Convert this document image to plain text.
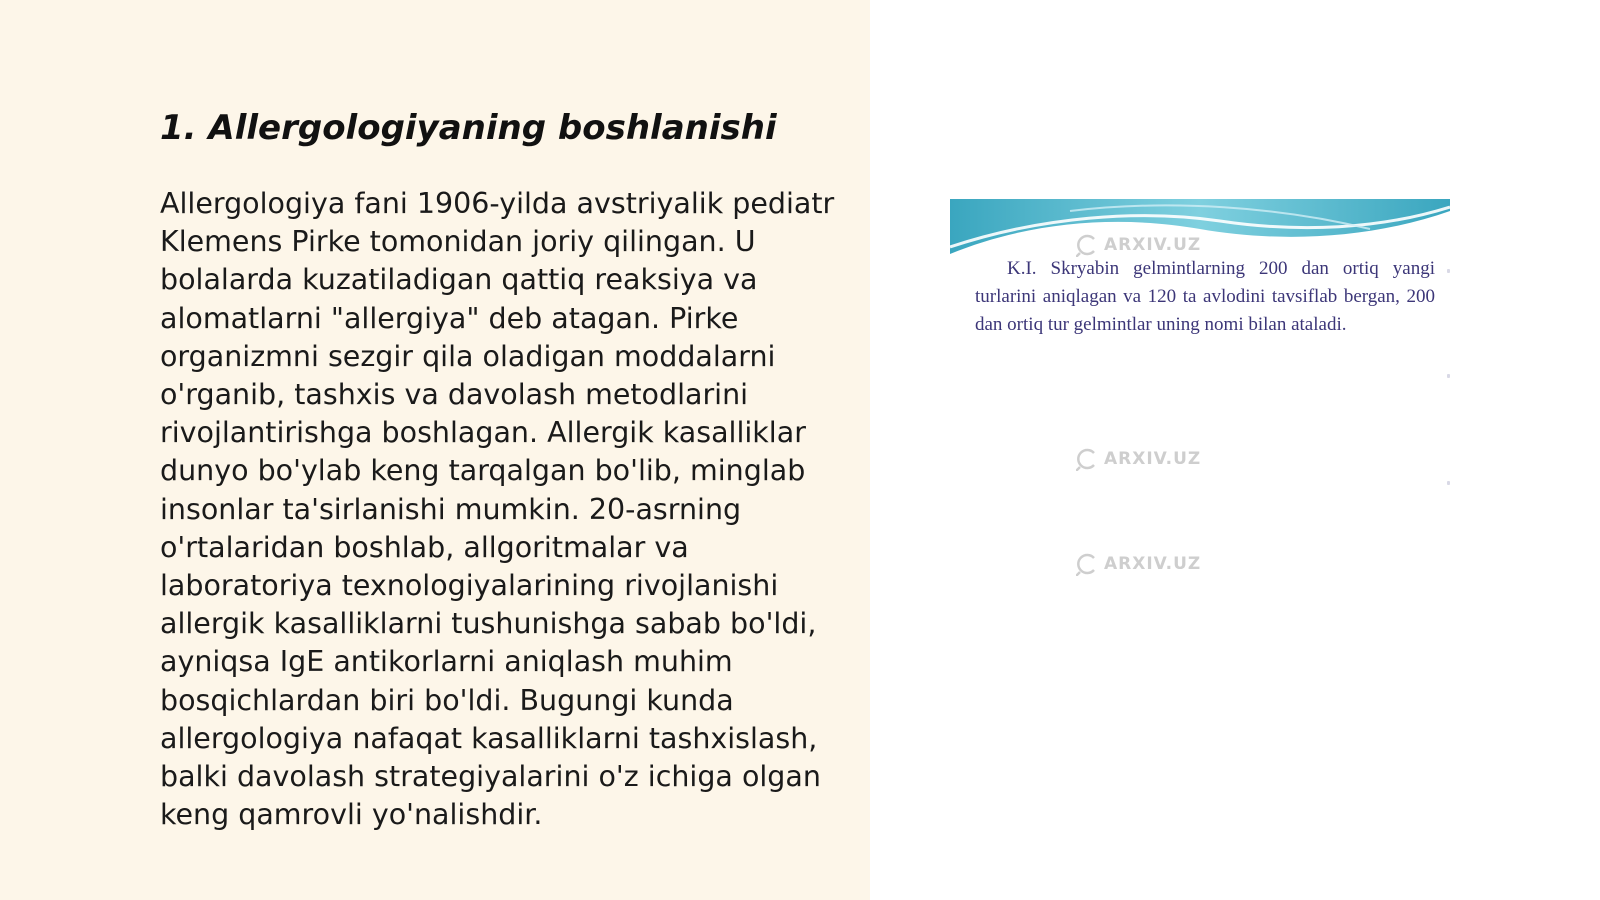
1. Allergologiyaning boshlanishi

Allergologiya fani 1906-yilda avstriyalik pediatr Klemens Pirke tomonidan joriy qilingan. U bolalarda kuzatiladigan qattiq reaksiya va alomatlarni "allergiya" deb atagan. Pirke organizmni sezgir qila oladigan moddalarni o'rganib, tashxis va davolash metodlarini rivojlantirishga boshlagan. Allergik kasalliklar dunyo bo'ylab keng tarqalgan bo'lib, minglab insonlar ta'sirlanishi mumkin. 20-asrning o'rtalaridan boshlab, allgoritmalar va laboratoriya texnologiyalarining rivojlanishi allergik kasalliklarni tushunishga sabab bo'ldi, ayniqsa IgE antikorlarni aniqlash muhim bosqichlardan biri bo'ldi. Bugungi kunda allergologiya nafaqat kasalliklarni tashxislash, balki davolash strategiyalarini o'z ichiga olgan keng qamrovli yo'nalishdir.

K.I. Skryabin gelmintlarning 200 dan ortiq yangi turlarini aniqlagan va 120 ta avlodini tavsiflab bergan, 200 dan ortiq tur gelmintlar uning nomi bilan ataladi.

ARXIV.UZ
ARXIV.UZ
ARXIV.UZ
